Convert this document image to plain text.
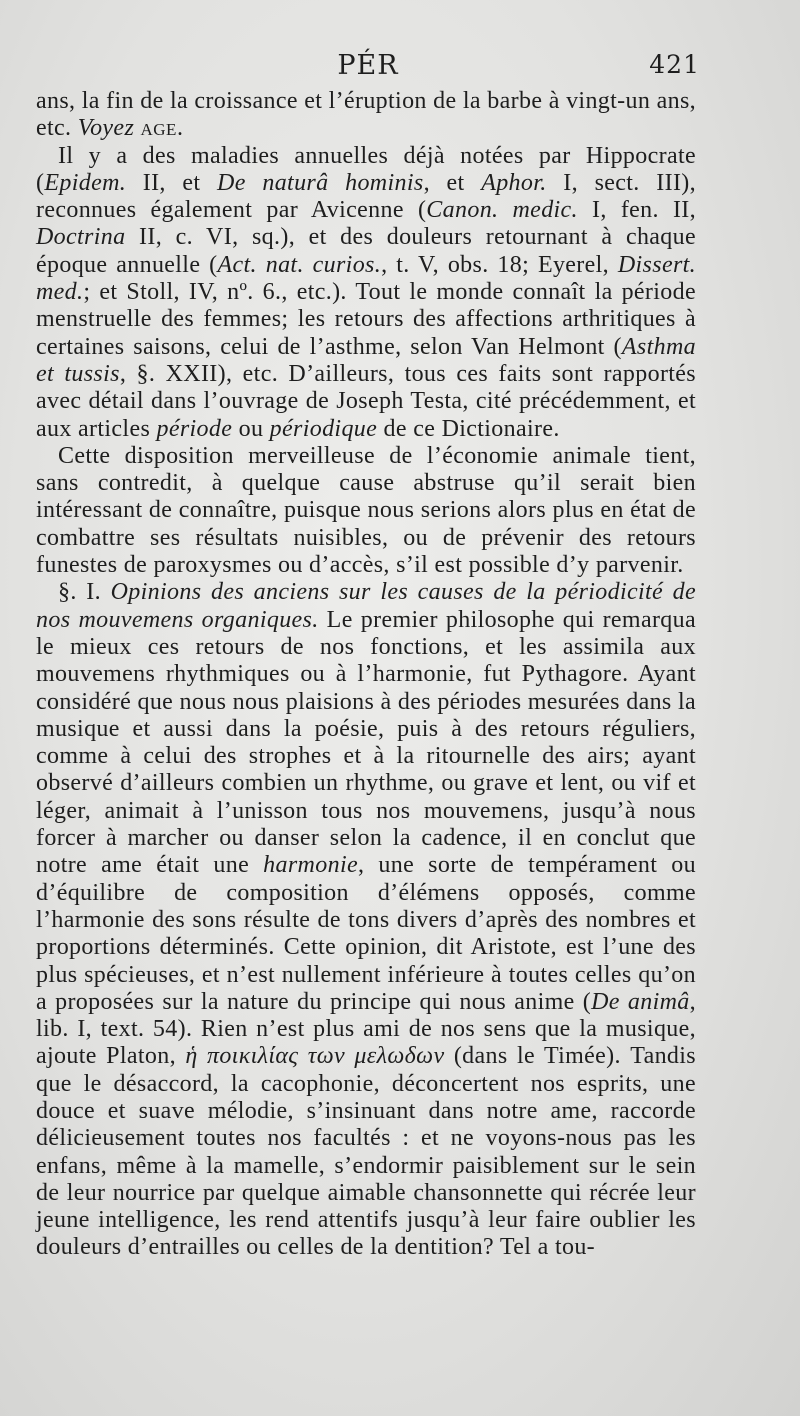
PÉR	421

ans, la fin de la croissance et l’éruption de la barbe à vingt-un ans, etc. Voyez age.

Il y a des maladies annuelles déjà notées par Hippocrate (Epidem. II, et De naturâ hominis, et Aphor. I, sect. III), reconnues également par Avicenne (Canon. medic. I, fen. II, Doctrina II, c. VI, sq.), et des douleurs retournant à chaque époque annuelle (Act. nat. curios., t. V, obs. 18; Eyerel, Dissert. med.; et Stoll, IV, nº. 6., etc.). Tout le monde connaît la période menstruelle des femmes; les retours des affections arthritiques à certaines saisons, celui de l’asthme, selon Van Helmont (Asthma et tussis, §. XXII), etc. D’ailleurs, tous ces faits sont rapportés avec détail dans l’ouvrage de Joseph Testa, cité précédemment, et aux articles période ou périodique de ce Dictionaire.

Cette disposition merveilleuse de l’économie animale tient, sans contredit, à quelque cause abstruse qu’il serait bien intéressant de connaître, puisque nous serions alors plus en état de combattre ses résultats nuisibles, ou de prévenir des retours funestes de paroxysmes ou d’accès, s’il est possible d’y parvenir.

§. I. Opinions des anciens sur les causes de la périodicité de nos mouvemens organiques. Le premier philosophe qui remarqua le mieux ces retours de nos fonctions, et les assimila aux mouvemens rhythmiques ou à l’harmonie, fut Pythagore. Ayant considéré que nous nous plaisions à des périodes mesurées dans la musique et aussi dans la poésie, puis à des retours réguliers, comme à celui des strophes et à la ritournelle des airs; ayant observé d’ailleurs combien un rhythme, ou grave et lent, ou vif et léger, animait à l’unisson tous nos mouvemens, jusqu’à nous forcer à marcher ou danser selon la cadence, il en conclut que notre ame était une harmonie, une sorte de tempérament ou d’équilibre de composition d’élémens opposés, comme l’harmonie des sons résulte de tons divers d’après des nombres et proportions déterminés. Cette opinion, dit Aristote, est l’une des plus spécieuses, et n’est nullement inférieure à toutes celles qu’on a proposées sur la nature du principe qui nous anime (De animâ, lib. I, text. 54). Rien n’est plus ami de nos sens que la musique, ajoute Platon, ἡ ποικιλίας των μελωδων (dans le Timée). Tandis que le désaccord, la cacophonie, déconcertent nos esprits, une douce et suave mélodie, s’insinuant dans notre ame, raccorde délicieusement toutes nos facultés : et ne voyons-nous pas les enfans, même à la mamelle, s’endormir paisiblement sur le sein de leur nourrice par quelque aimable chansonnette qui récrée leur jeune intelligence, les rend attentifs jusqu’à leur faire oublier les douleurs d’entrailles ou celles de la dentition? Tel a tou-
